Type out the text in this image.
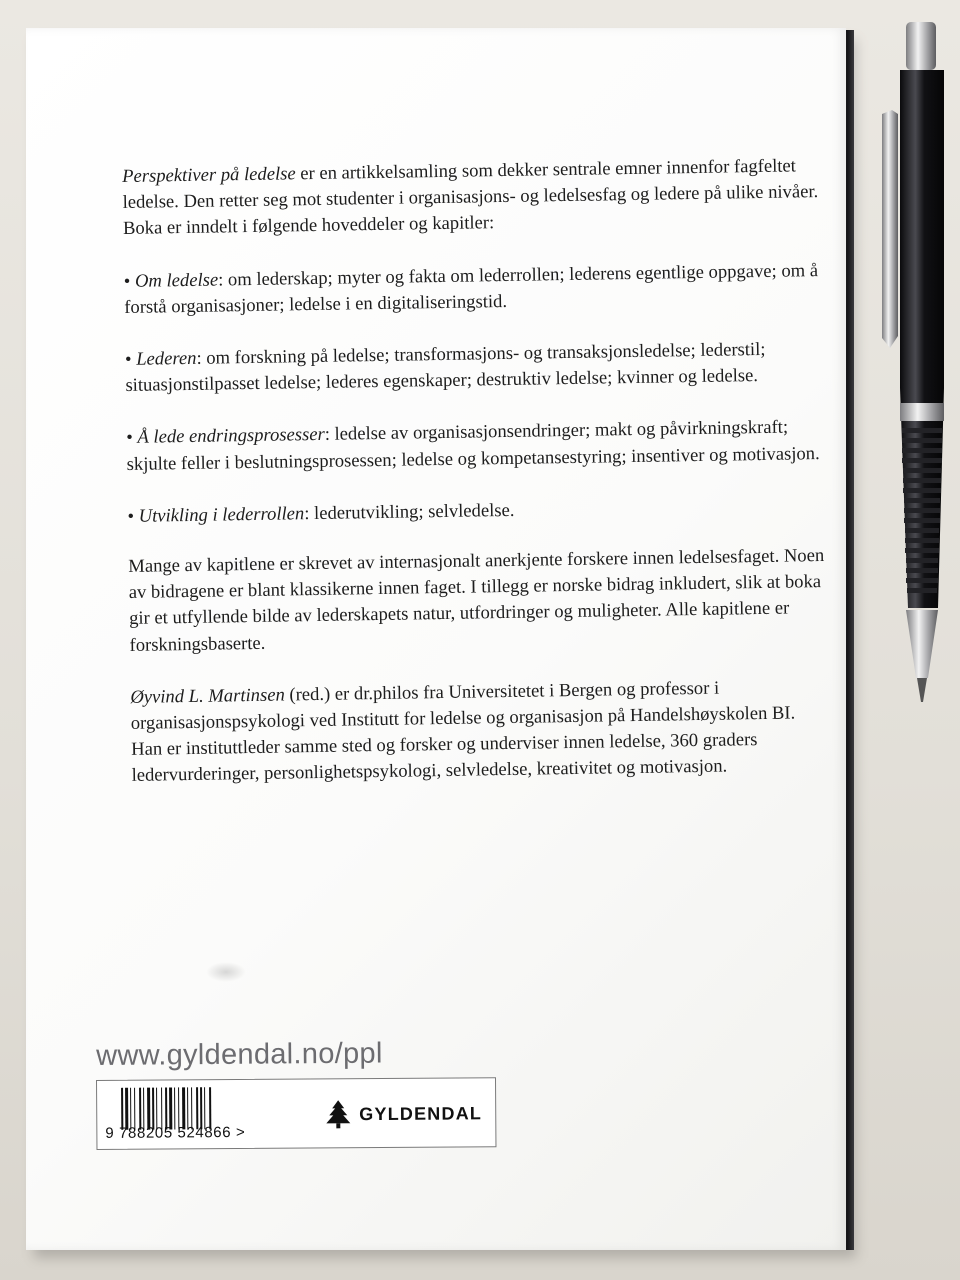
Perspektiver på ledelse er en artikkelsamling som dekker sentrale emner innenfor fagfeltet ledelse. Den retter seg mot studenter i organisasjons- og ledelsesfag og ledere på ulike nivåer. Boka er inndelt i følgende hoveddeler og kapitler:

• Om ledelse: om lederskap; myter og fakta om lederrollen; lederens egentlige oppgave; om å forstå organisasjoner; ledelse i en digitaliseringstid.

• Lederen: om forskning på ledelse; transformasjons- og transaksjonsledelse; lederstil; situasjonstilpasset ledelse; lederes egenskaper; destruktiv ledelse; kvinner og ledelse.

• Å lede endringsprosesser: ledelse av organisasjonsendringer; makt og påvirkningskraft; skjulte feller i beslutningsprosessen; ledelse og kompetansestyring; insentiver og motivasjon.

• Utvikling i lederrollen: lederutvikling; selvledelse.

Mange av kapitlene er skrevet av internasjonalt anerkjente forskere innen ledelsesfaget. Noen av bidragene er blant klassikerne innen faget. I tillegg er norske bidrag inkludert, slik at boka gir et utfyllende bilde av lederskapets natur, utfordringer og muligheter. Alle kapitlene er forskningsbaserte.

Øyvind L. Martinsen (red.) er dr.philos fra Universitetet i Bergen og professor i organisasjonspsykologi ved Institutt for ledelse og organisasjon på Handelshøyskolen BI. Han er instituttleder samme sted og forsker og underviser innen ledelse, 360 graders ledervurderinger, personlighetspsykologi, selvledelse, kreativitet og motivasjon.

www.gyldendal.no/ppl
9 788205 524866 >
GYLDENDAL
